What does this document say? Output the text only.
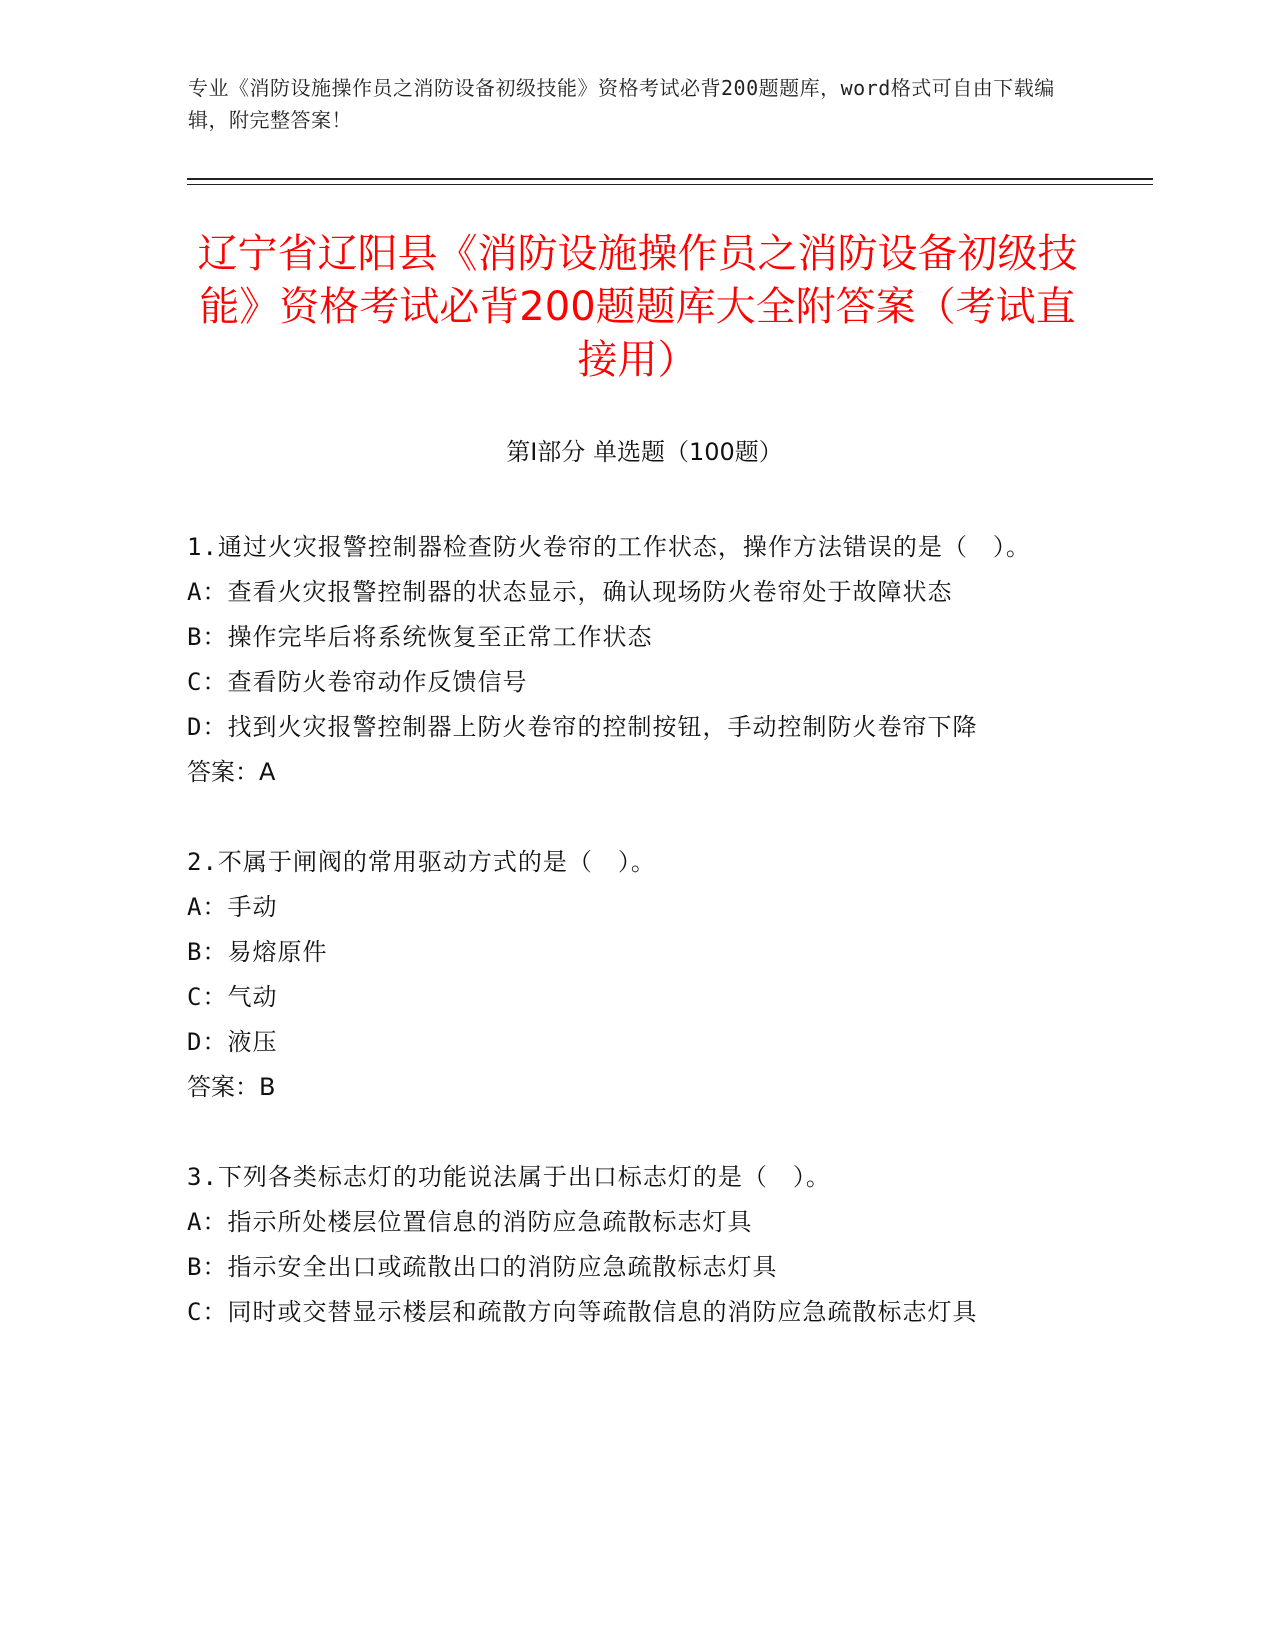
专业《消防设施操作员之消防设备初级技能》资格考试必背200题题库，word格式可自由下载编辑，附完整答案！
辽宁省辽阳县《消防设施操作员之消防设备初级技能》资格考试必背200题题库大全附答案（考试直接用）
第Ⅰ部分 单选题（100题）
1.通过火灾报警控制器检查防火卷帘的工作状态，操作方法错误的是（　）。
A：查看火灾报警控制器的状态显示，确认现场防火卷帘处于故障状态
B：操作完毕后将系统恢复至正常工作状态
C：查看防火卷帘动作反馈信号
D：找到火灾报警控制器上防火卷帘的控制按钮，手动控制防火卷帘下降
答案：A
2.不属于闸阀的常用驱动方式的是（　）。
A：手动
B：易熔原件
C：气动
D：液压
答案：B
3.下列各类标志灯的功能说法属于出口标志灯的是（　）。
A：指示所处楼层位置信息的消防应急疏散标志灯具
B：指示安全出口或疏散出口的消防应急疏散标志灯具
C：同时或交替显示楼层和疏散方向等疏散信息的消防应急疏散标志灯具
